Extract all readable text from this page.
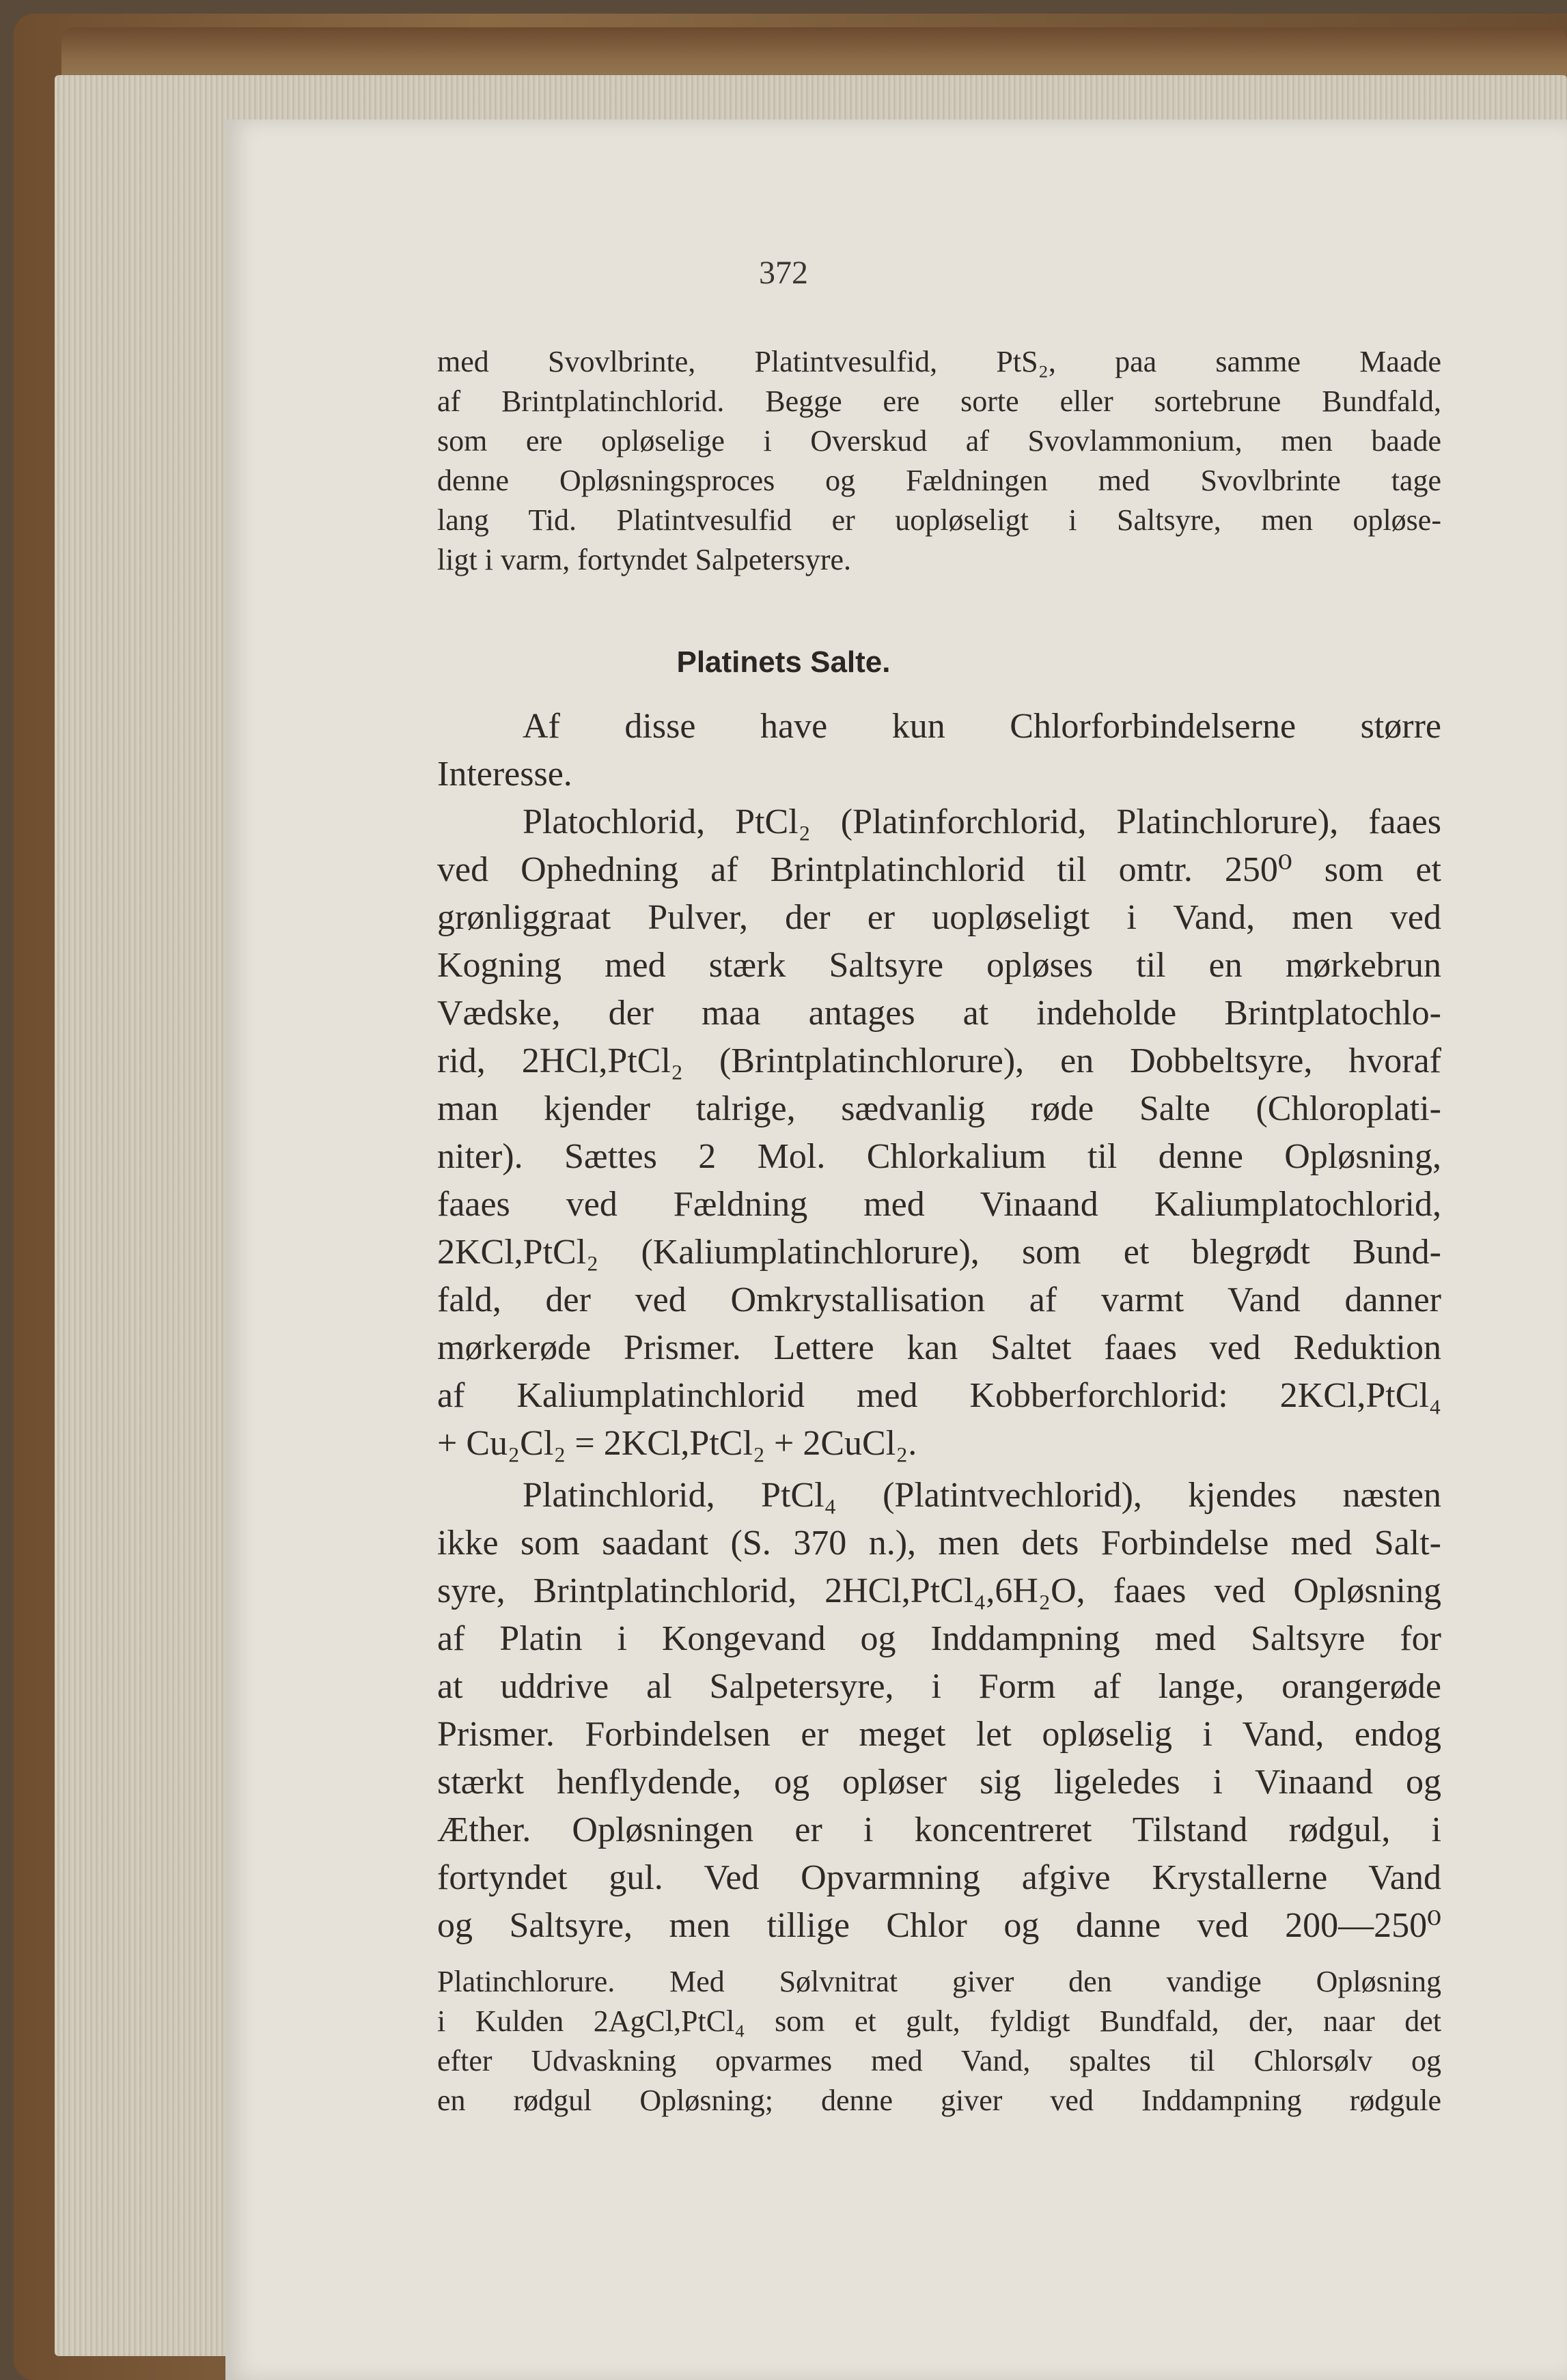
372
med Svovlbrinte, Platintvesulfid, PtS₂, paa samme Maade
af Brintplatinchlorid. Begge ere sorte eller sortebrune Bundfald,
som ere opløselige i Overskud af Svovlammonium, men baade
denne Opløsningsproces og Fældningen med Svovlbrinte tage
lang Tid. Platintvesulfid er uopløseligt i Saltsyre, men opløse-
ligt i varm, fortyndet Salpetersyre.
Af disse have kun Chlorforbindelserne større
Interesse.
Platochlorid, PtCl₂ (Platinforchlorid, Platinchlorure), faaes
ved Ophedning af Brintplatinchlorid til omtr. 250⁰ som et
grønliggraat Pulver, der er uopløseligt i Vand, men ved
Kogning med stærk Saltsyre opløses til en mørkebrun
Vædske, der maa antages at indeholde Brintplatochlo-
rid, 2HCl,PtCl₂ (Brintplatinchlorure), en Dobbeltsyre, hvoraf
man kjender talrige, sædvanlig røde Salte (Chloroplati-
niter). Sættes 2 Mol. Chlorkalium til denne Opløsning,
faaes ved Fældning med Vinaand Kaliumplatochlorid,
2KCl,PtCl₂ (Kaliumplatinchlorure), som et blegrødt Bund-
fald, der ved Omkrystallisation af varmt Vand danner
mørkerøde Prismer. Lettere kan Saltet faaes ved Reduktion
af Kaliumplatinchlorid med Kobberforchlorid: 2KCl,PtCl₄
+ Cu₂Cl₂ = 2KCl,PtCl₂ + 2CuCl₂.
Platinchlorid, PtCl₄ (Platintvechlorid), kjendes næsten
ikke som saadant (S. 370 n.), men dets Forbindelse med Salt-
syre, Brintplatinchlorid, 2HCl,PtCl₄,6H₂O, faaes ved Opløsning
af Platin i Kongevand og Inddampning med Saltsyre for
at uddrive al Salpetersyre, i Form af lange, orangerøde
Prismer. Forbindelsen er meget let opløselig i Vand, endog
stærkt henflydende, og opløser sig ligeledes i Vinaand og
Æther. Opløsningen er i koncentreret Tilstand rødgul, i
fortyndet gul. Ved Opvarmning afgive Krystallerne Vand
og Saltsyre, men tillige Chlor og danne ved 200—250⁰
Platinchlorure. Med Sølvnitrat giver den vandige Opløsning
i Kulden 2AgCl,PtCl₄ som et gult, fyldigt Bundfald, der, naar det
efter Udvaskning opvarmes med Vand, spaltes til Chlorsølv og
en rødgul Opløsning; denne giver ved Inddampning rødgule
Platinets Salte.
